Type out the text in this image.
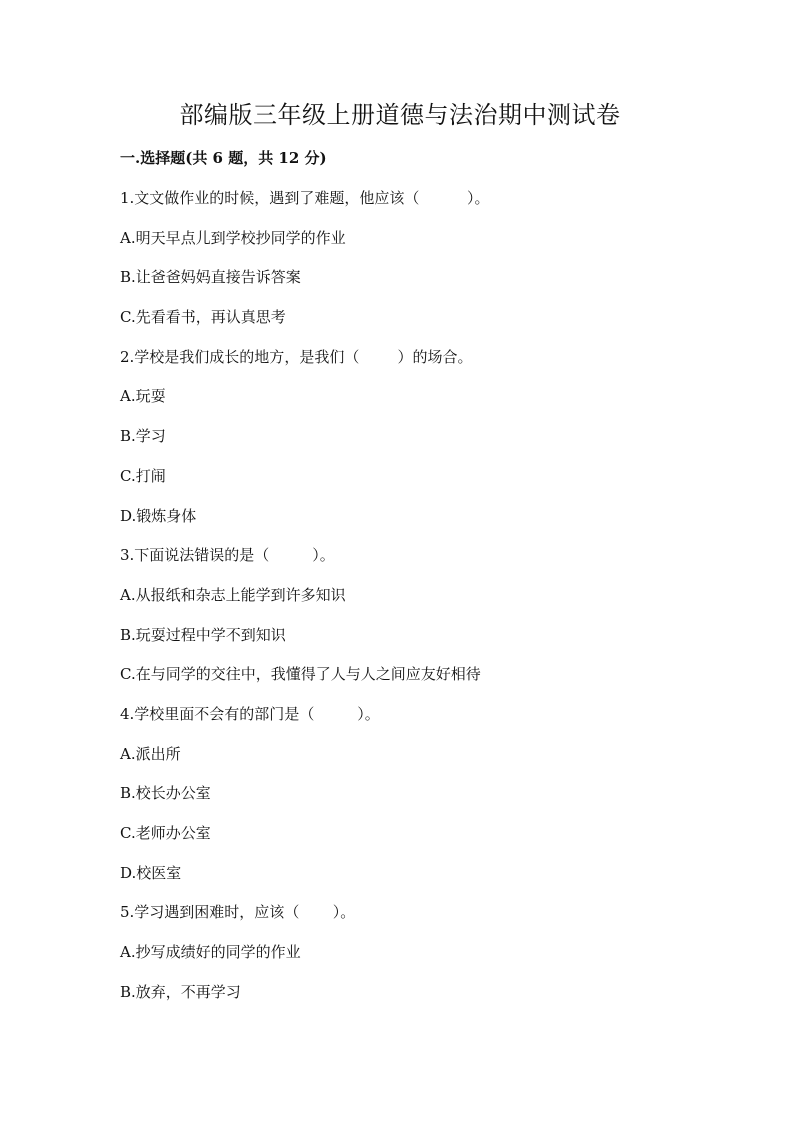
部编版三年级上册道德与法治期中测试卷
一.选择题(共 6 题，共 12 分)
1.文文做作业的时候，遇到了难题，他应该（          ）。
A.明天早点儿到学校抄同学的作业
B.让爸爸妈妈直接告诉答案
C.先看看书，再认真思考
2.学校是我们成长的地方，是我们（        ）的场合。
A.玩耍
B.学习
C.打闹
D.锻炼身体
3.下面说法错误的是（         ）。
A.从报纸和杂志上能学到许多知识
B.玩耍过程中学不到知识
C.在与同学的交往中，我懂得了人与人之间应友好相待
4.学校里面不会有的部门是（         ）。
A.派出所
B.校长办公室
C.老师办公室
D.校医室
5.学习遇到困难时，应该（       ）。
A.抄写成绩好的同学的作业
B.放弃，不再学习
